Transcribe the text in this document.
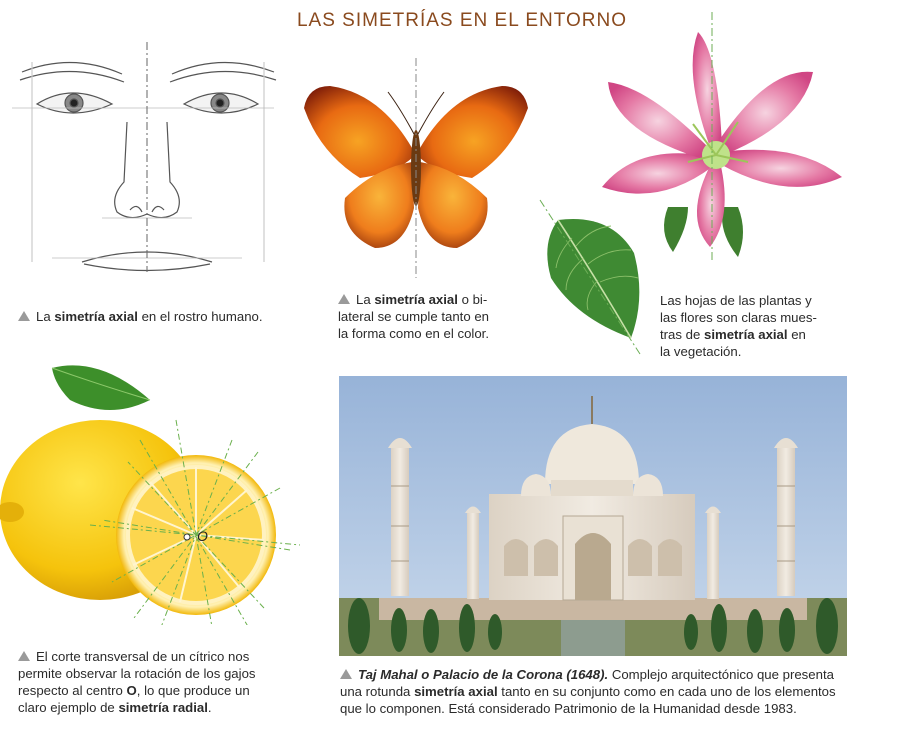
LAS SIMETRÍAS EN EL ENTORNO
La simetría axial en el rostro humano.
La simetría axial o bi-
lateral se cumple tanto en
la forma como en el color.
Las hojas de las plantas y
las flores son claras mues-
tras de simetría axial en
la vegetación.
O
El corte transversal de un cítrico nos
permite observar la rotación de los gajos
respecto al centro O, lo que produce un
claro ejemplo de simetría radial.
Taj Mahal o Palacio de la Corona (1648). Complejo arquitectónico que presenta
una rotunda simetría axial tanto en su conjunto como en cada uno de los elementos
que lo componen. Está considerado Patrimonio de la Humanidad desde 1983.
